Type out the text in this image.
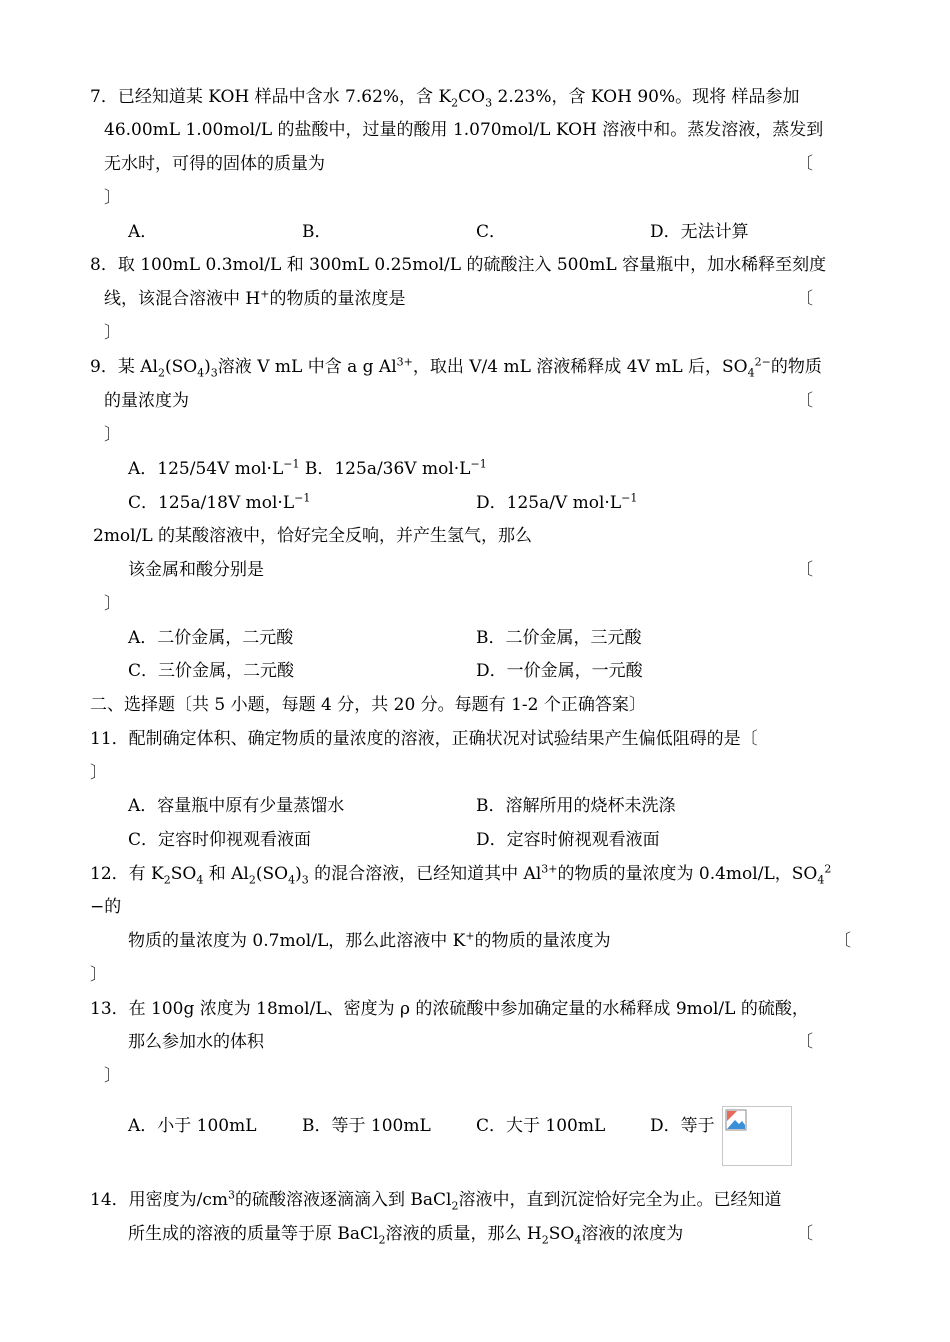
7．已经知道某 KOH 样品中含水 7.62%，含 $K_2CO_3$ 2.23%，含 KOH 90%。现将 样品参加
46.00mL 1.00mol/L 的盐酸中，过量的酸用 1.070mol/L KOH 溶液中和。蒸发溶液，蒸发到
无水时，可得的固体的质量为	〔
〕
A．	B．	C．	D．无法计算
8．取 100mL 0.3mol/L 和 300mL 0.25mol/L 的硫酸注入 500mL 容量瓶中，加水稀释至刻度
线，该混合溶液中 H+的物质的量浓度是	〔
〕
9．某 $Al_2(SO_4)_3$溶液 V mL 中含 a g $Al^{3+}$，取出 V/4 mL 溶液稀释成 4V mL 后，$SO_4^{2-}$的物质
的量浓度为	〔
〕
A．125/54V $mol\cdot L^{-1}$ B．125a/36V $mol\cdot L^{-1}$
C．125a/18V $mol\cdot L^{-1}$	D．125a/V $mol\cdot L^{-1}$
2mol/L 的某酸溶液中，恰好完全反响，并产生氢气，那么
该金属和酸分别是	〔
〕
A．二价金属，二元酸	B．二价金属，三元酸
C．三价金属，二元酸	D．一价金属，一元酸
二、选择题〔共 5 小题，每题 4 分，共 20 分。每题有 1-2 个正确答案〕
11．配制确定体积、确定物质的量浓度的溶液，正确状况对试验结果产生偏低阻碍的是〔
〕
A．容量瓶中原有少量蒸馏水	B．溶解所用的烧杯未洗涤
C．定容时仰视观看液面	D．定容时俯视观看液面
12．有 $K_2SO_4$ 和 $Al_2(SO_4)_3$ 的混合溶液，已经知道其中 $Al^{3+}$的物质的量浓度为 0.4mol/L，$SO_4^2$
−的
物质的量浓度为 0.7mol/L，那么此溶液中 K+的物质的量浓度为	〔
〕
13．在 100g 浓度为 18mol/L、密度为 ρ 的浓硫酸中参加确定量的水稀释成 9mol/L 的硫酸，
那么参加水的体积	〔
〕
A．小于 100mL	B．等于 100mL	C．大于 100mL	D．等于
14．用密度为$/cm^3$的硫酸溶液逐滴滴入到 BaCl$_2$溶液中，直到沉淀恰好完全为止。已经知道
所生成的溶液的质量等于原 BaCl$_2$溶液的质量，那么 $H_2SO_4$溶液的浓度为	〔
